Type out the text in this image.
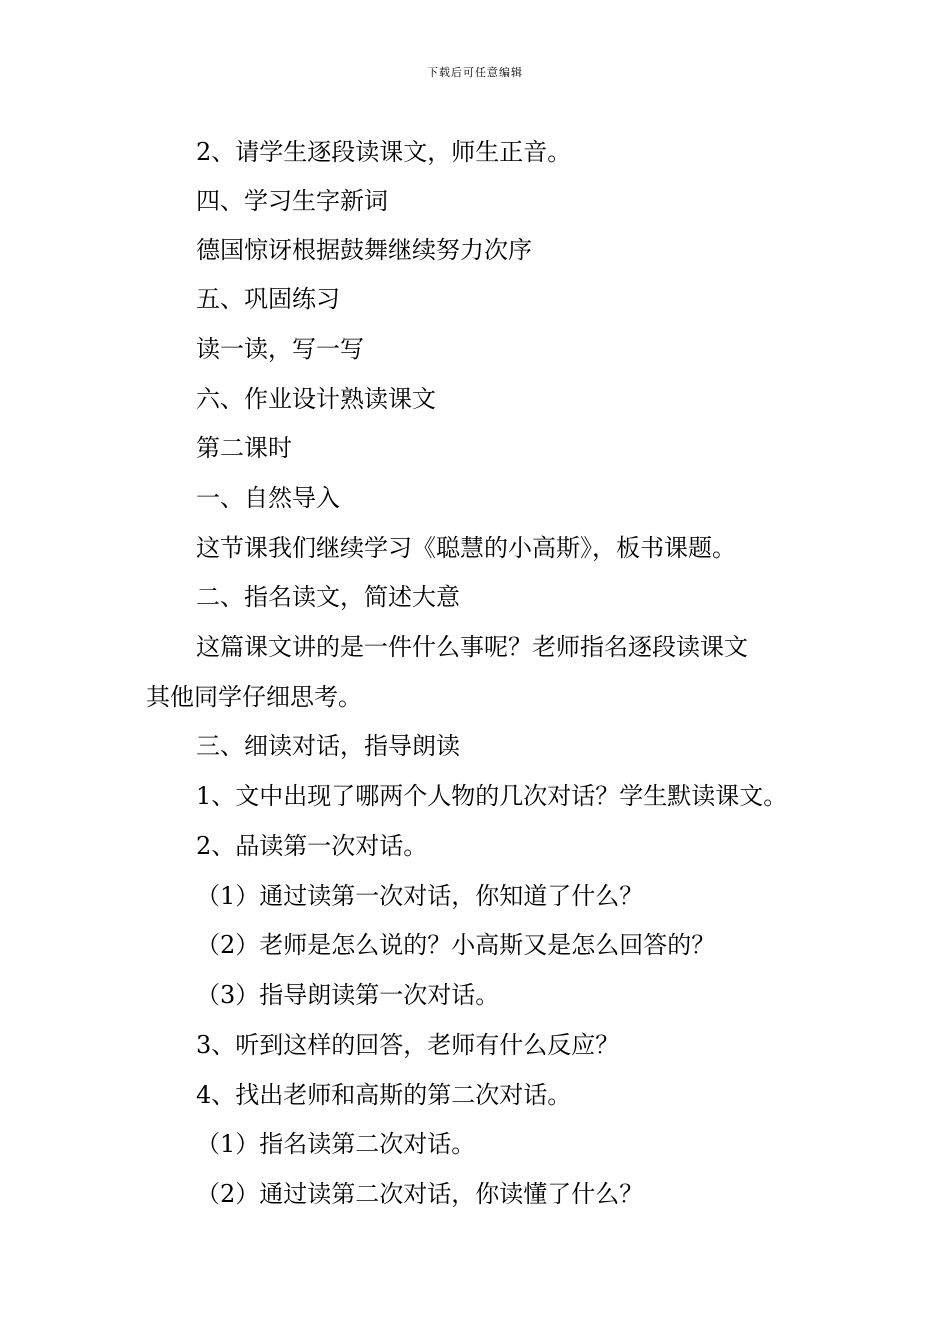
下载后可任意编辑
2、请学生逐段读课文，师生正音。
四、学习生字新词
德国惊讶根据鼓舞继续努力次序
五、巩固练习
读一读，写一写
六、作业设计熟读课文
第二课时
一、自然导入
这节课我们继续学习《聪慧的小高斯》，板书课题。
二、指名读文，简述大意
这篇课文讲的是一件什么事呢？老师指名逐段读课文
其他同学仔细思考。
三、细读对话，指导朗读
1、文中出现了哪两个人物的几次对话？学生默读课文。
2、品读第一次对话。
（1）通过读第一次对话，你知道了什么？
（2）老师是怎么说的？小高斯又是怎么回答的？
（3）指导朗读第一次对话。
3、听到这样的回答，老师有什么反应？
4、找出老师和高斯的第二次对话。
（1）指名读第二次对话。
（2）通过读第二次对话，你读懂了什么？
